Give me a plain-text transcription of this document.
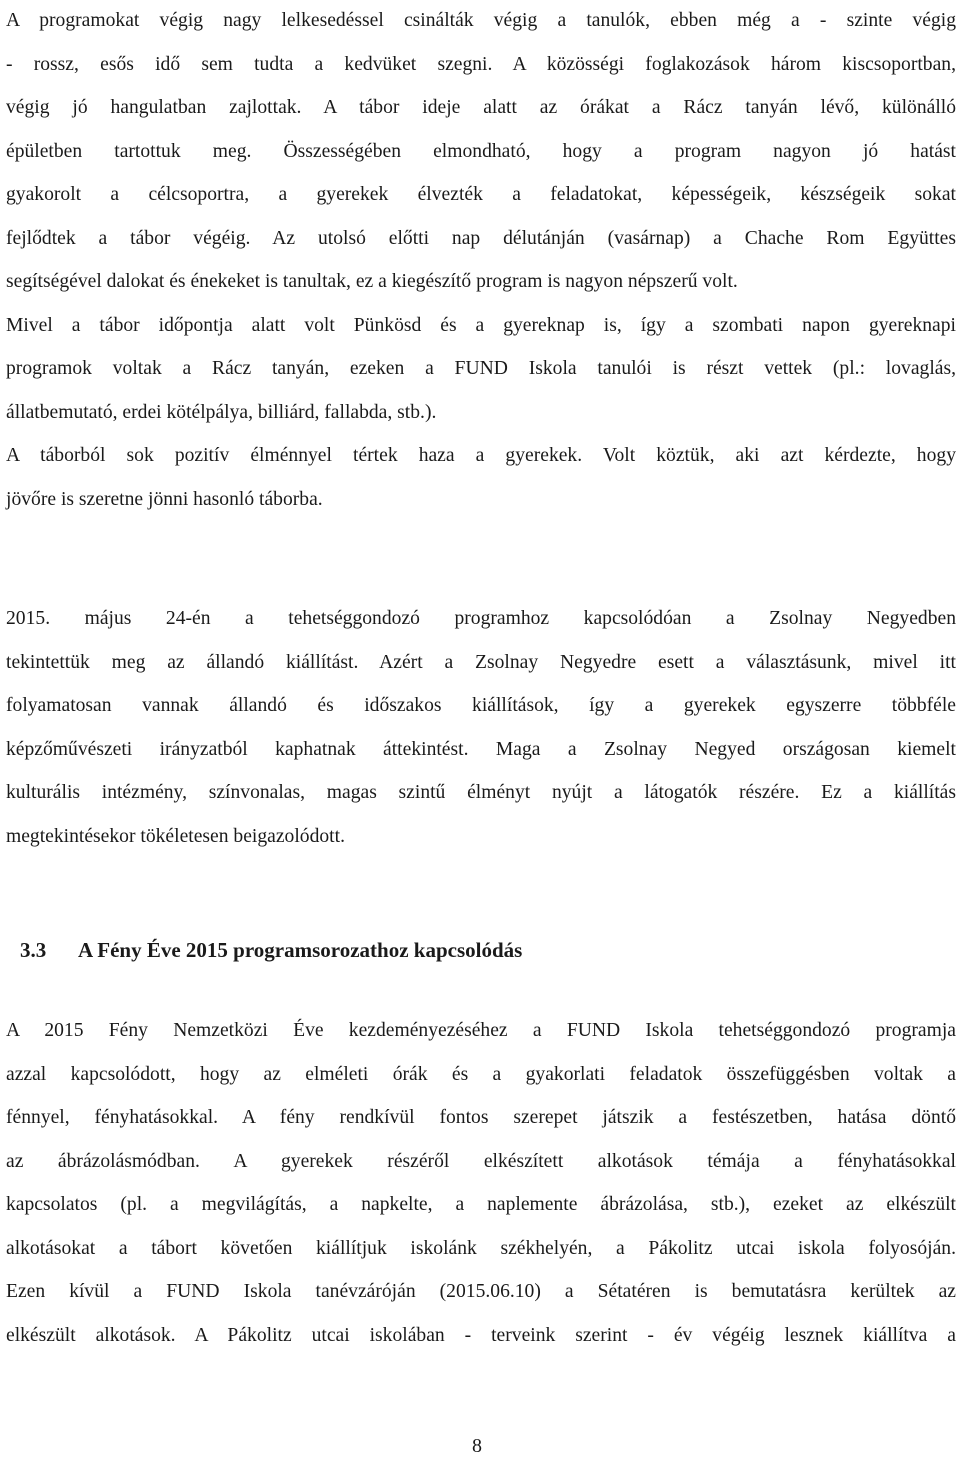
A programokat végig nagy lelkesedéssel csinálták végig a tanulók, ebben még a - szinte végig
- rossz, esős idő sem tudta a kedvüket szegni. A közösségi foglakozások három kiscsoportban,
végig jó hangulatban zajlottak. A tábor ideje alatt az órákat a Rácz tanyán lévő, különálló
épületben tartottuk meg. Összességében elmondható, hogy a program nagyon jó hatást
gyakorolt a célcsoportra, a gyerekek élvezték a feladatokat, képességeik, készségeik sokat
fejlődtek a tábor végéig. Az utolsó előtti nap délutánján (vasárnap) a Chache Rom Együttes
segítségével dalokat és énekeket is tanultak, ez a kiegészítő program is nagyon népszerű volt.
Mivel a tábor időpontja alatt volt Pünkösd és a gyereknap is, így a szombati napon gyereknapi
programok voltak a Rácz tanyán, ezeken a FUND Iskola tanulói is részt vettek (pl.: lovaglás,
állatbemutató, erdei kötélpálya, billiárd, fallabda, stb.).
A táborból sok pozitív élménnyel tértek haza a gyerekek. Volt köztük, aki azt kérdezte, hogy
jövőre is szeretne jönni hasonló táborba.
2015. május 24-én a tehetséggondozó programhoz kapcsolódóan a Zsolnay Negyedben
tekintettük meg az állandó kiállítást. Azért a Zsolnay Negyedre esett a választásunk, mivel itt
folyamatosan vannak állandó és időszakos kiállítások, így a gyerekek egyszerre többféle
képzőművészeti irányzatból kaphatnak áttekintést. Maga a Zsolnay Negyed országosan kiemelt
kulturális intézmény, színvonalas, magas szintű élményt nyújt a látogatók részére. Ez a kiállítás
megtekintésekor tökéletesen beigazolódott.
3.3 A Fény Éve 2015 programsorozathoz kapcsolódás
A 2015 Fény Nemzetközi Éve kezdeményezéséhez a FUND Iskola tehetséggondozó programja
azzal kapcsolódott, hogy az elméleti órák és a gyakorlati feladatok összefüggésben voltak a
fénnyel, fényhatásokkal. A fény rendkívül fontos szerepet játszik a festészetben, hatása döntő
az ábrázolásmódban. A gyerekek részéről elkészített alkotások témája a fényhatásokkal
kapcsolatos (pl. a megvilágítás, a napkelte, a naplemente ábrázolása, stb.), ezeket az elkészült
alkotásokat a tábort követően kiállítjuk iskolánk székhelyén, a Pákolitz utcai iskola folyosóján.
Ezen kívül a FUND Iskola tanévzáróján (2015.06.10) a Sétatéren is bemutatásra kerültek az
elkészült alkotások. A Pákolitz utcai iskolában - terveink szerint - év végéig lesznek kiállítva a
8
